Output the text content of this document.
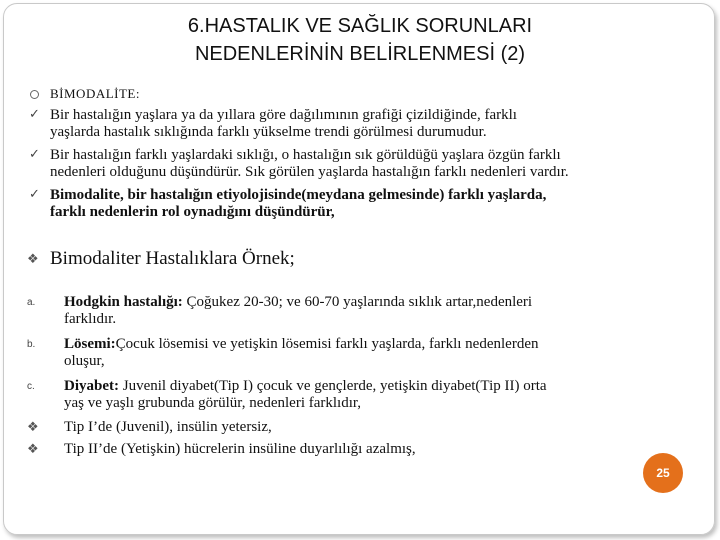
6.HASTALIK VE SAĞLIK SORUNLARI
NEDENLERİNİN BELİRLENMESİ (2)
BİMODALİTE:
✓ Bir hastalığın yaşlara ya da yıllara göre dağılımının grafiği çizildiğinde, farklı
yaşlarda hastalık sıklığında farklı yükselme trendi görülmesi durumudur.
✓ Bir hastalığın farklı yaşlardaki sıklığı, o hastalığın sık görüldüğü yaşlara özgün farklı
nedenleri olduğunu düşündürür. Sık görülen yaşlarda hastalığın farklı nedenleri vardır.
✓ Bimodalite, bir hastalığın etiyolojisinde(meydana gelmesinde) farklı yaşlarda,
farklı nedenlerin rol oynadığını düşündürür,
❖ Bimodaliter Hastalıklara Örnek;
a. Hodgkin hastalığı: Çoğukez 20-30; ve 60-70 yaşlarında sıklık artar,nedenleri
farklıdır.
b. Lösemi:Çocuk lösemisi ve yetişkin lösemisi farklı yaşlarda, farklı nedenlerden
oluşur,
c. Diyabet: Juvenil diyabet(Tip I) çocuk ve gençlerde, yetişkin diyabet(Tip II) orta
yaş ve yaşlı grubunda görülür, nedenleri farklıdır,
❖ Tip I’de (Juvenil), insülin yetersiz,
❖ Tip II’de (Yetişkin) hücrelerin insüline duyarlılığı azalmış,
25
